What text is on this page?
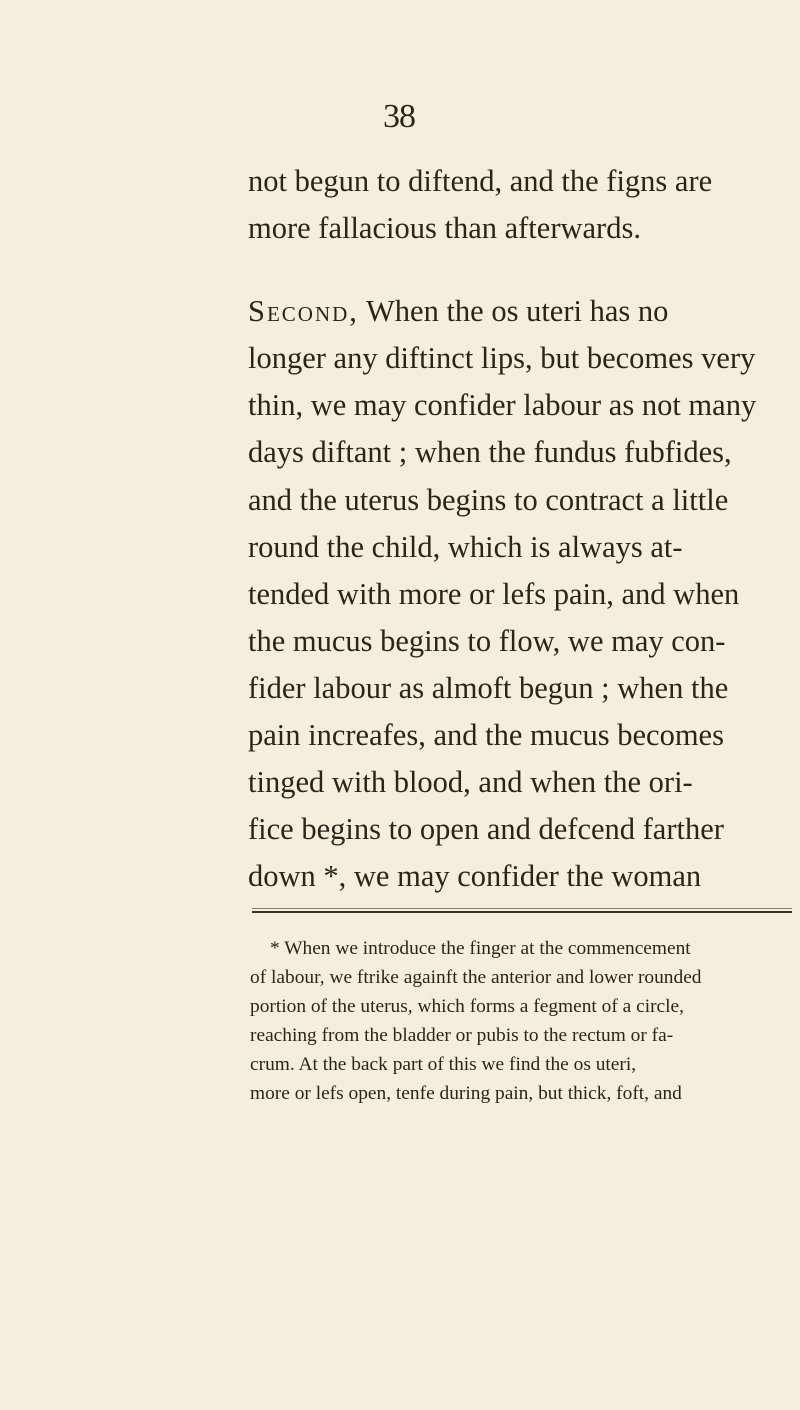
38
not begun to diftend, and the figns are
more fallacious than afterwards.
Second, When the os uteri has no
longer any diftinct lips, but becomes very
thin, we may confider labour as not many
days diftant ; when the fundus fubfides,
and the uterus begins to contract a little
round the child, which is always at-
tended with more or lefs pain, and when
the mucus begins to flow, we may con-
fider labour as almoft begun ; when the
pain increafes, and the mucus becomes
tinged with blood, and when the ori-
fice begins to open and defcend farther
down *, we may confider the woman
* When we introduce the finger at the commencement
of labour, we ftrike againft the anterior and lower rounded
portion of the uterus, which forms a fegment of a circle,
reaching from the bladder or pubis to the rectum or fa-
crum. At the back part of this we find the os uteri,
more or lefs open, tenfe during pain, but thick, foft, and
